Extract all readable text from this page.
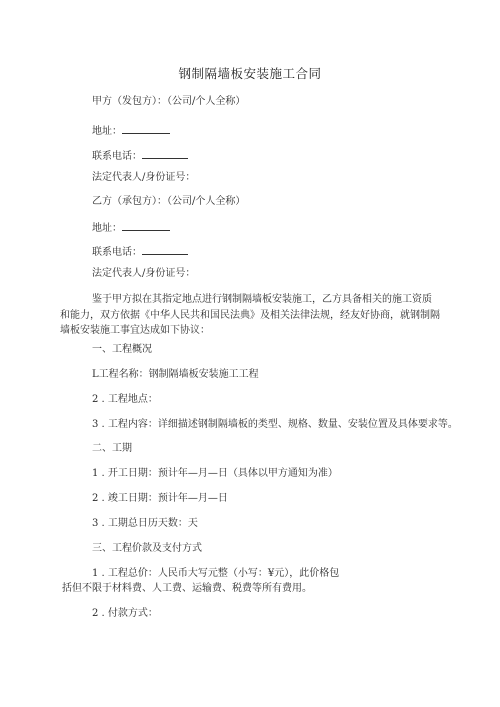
钢制隔墙板安装施工合同
甲方（发包方）：（公司/个人全称）
地址：
联系电话：
法定代表人/身份证号：
乙方（承包方）：（公司/个人全称）
地址：
联系电话：
法定代表人/身份证号：
鉴于甲方拟在其指定地点进行钢制隔墙板安装施工，乙方具备相关的施工资质和能力，双方依据《中华人民共和国民法典》及相关法律法规，经友好协商，就钢制隔墙板安装施工事宜达成如下协议：
一、工程概况
L工程名称：钢制隔墙板安装施工工程
2 . 工程地点：
3 . 工程内容：详细描述钢制隔墙板的类型、规格、数量、安装位置及具体要求等。
二、工期
1 . 开工日期：预计年—月—日（具体以甲方通知为准）
2 . 竣工日期：预计年—月—日
3 . 工期总日历天数：天
三、工程价款及支付方式
1 . 工程总价：人民币大写元整（小写：¥元），此价格包
括但不限于材料费、人工费、运输费、税费等所有费用。
2 . 付款方式：
